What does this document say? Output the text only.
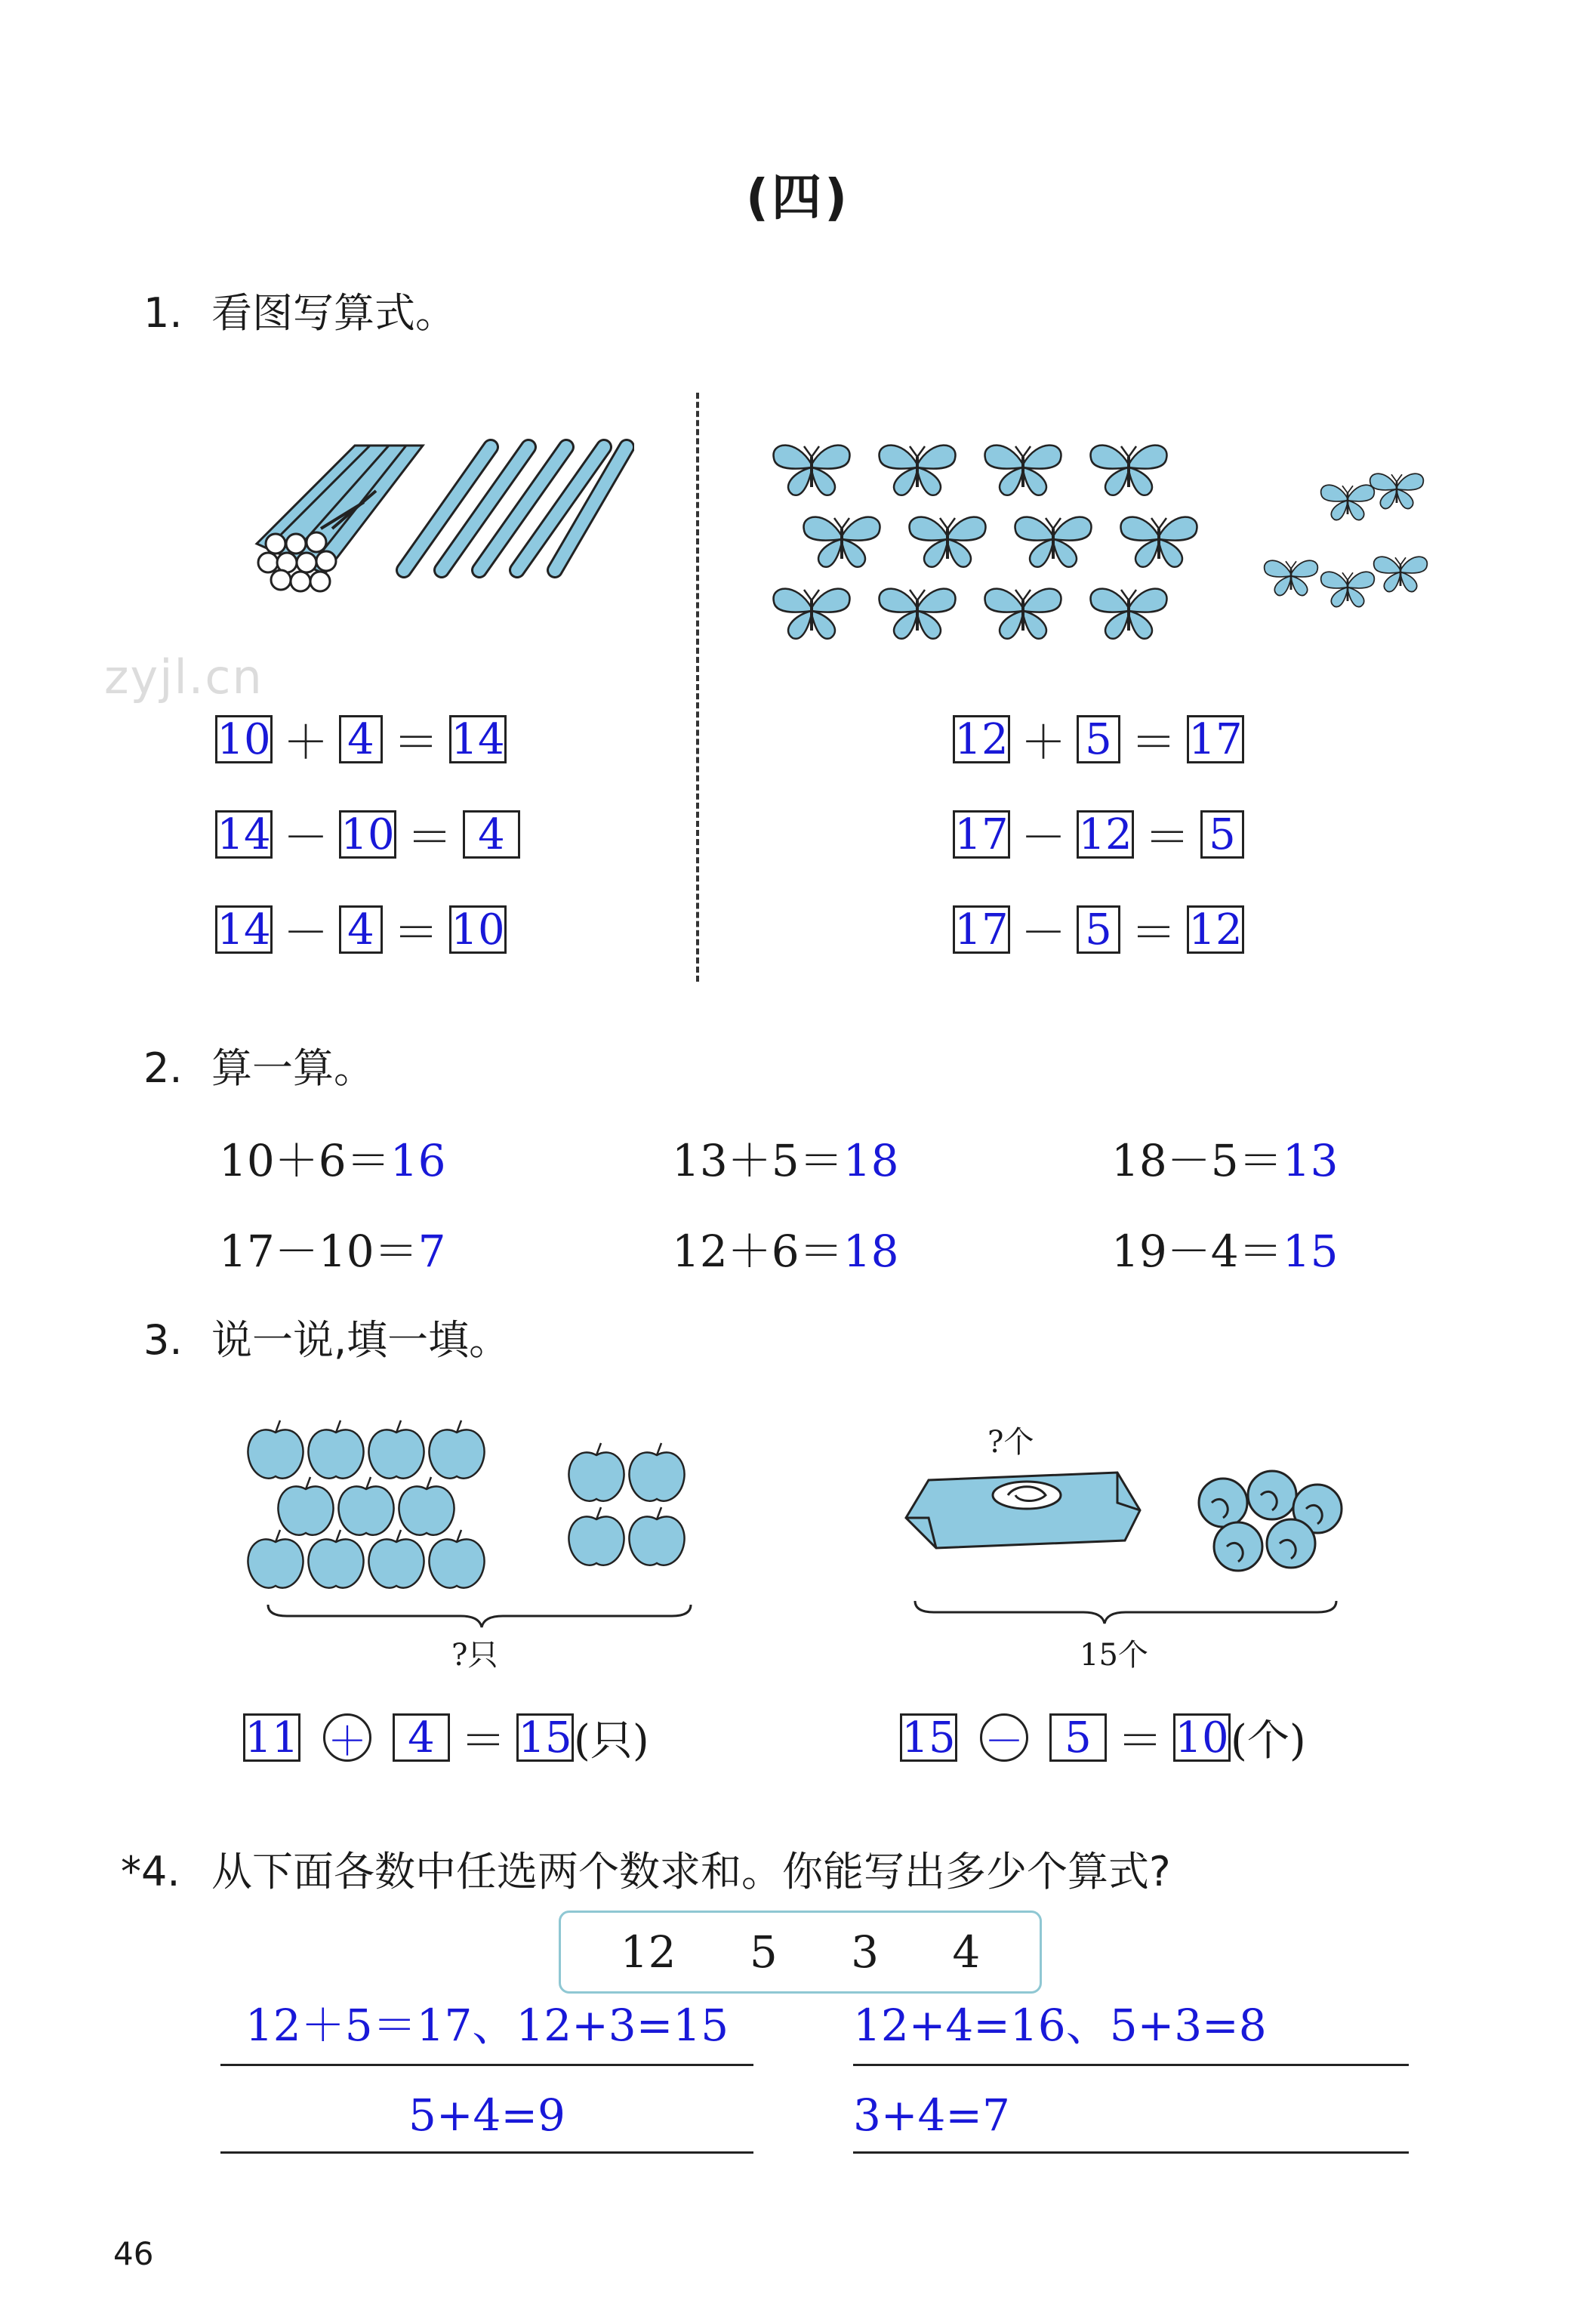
(四)
1. 看图写算式。
zyjl.cn
10 ＋ 4 ＝ 14
14 － 10 ＝ 4
14 － 4 ＝ 10
12 ＋ 5 ＝ 17
17 － 12 ＝ 5
17 － 5 ＝ 12
2. 算一算。
10＋6＝16	13＋5＝18	18－5＝13
17－10＝7	12＋6＝18	19－4＝15
3. 说一说,填一填。
?只
?个
15个
11 ＋ 4 ＝ 15 (只)	15 － 5 ＝ 10 (个)
*4. 从下面各数中任选两个数求和。你能写出多少个算式?
12 5 3 4
12＋5＝17、12+3=15	12+4=16、5+3=8
5+4=9	3+4=7
46
